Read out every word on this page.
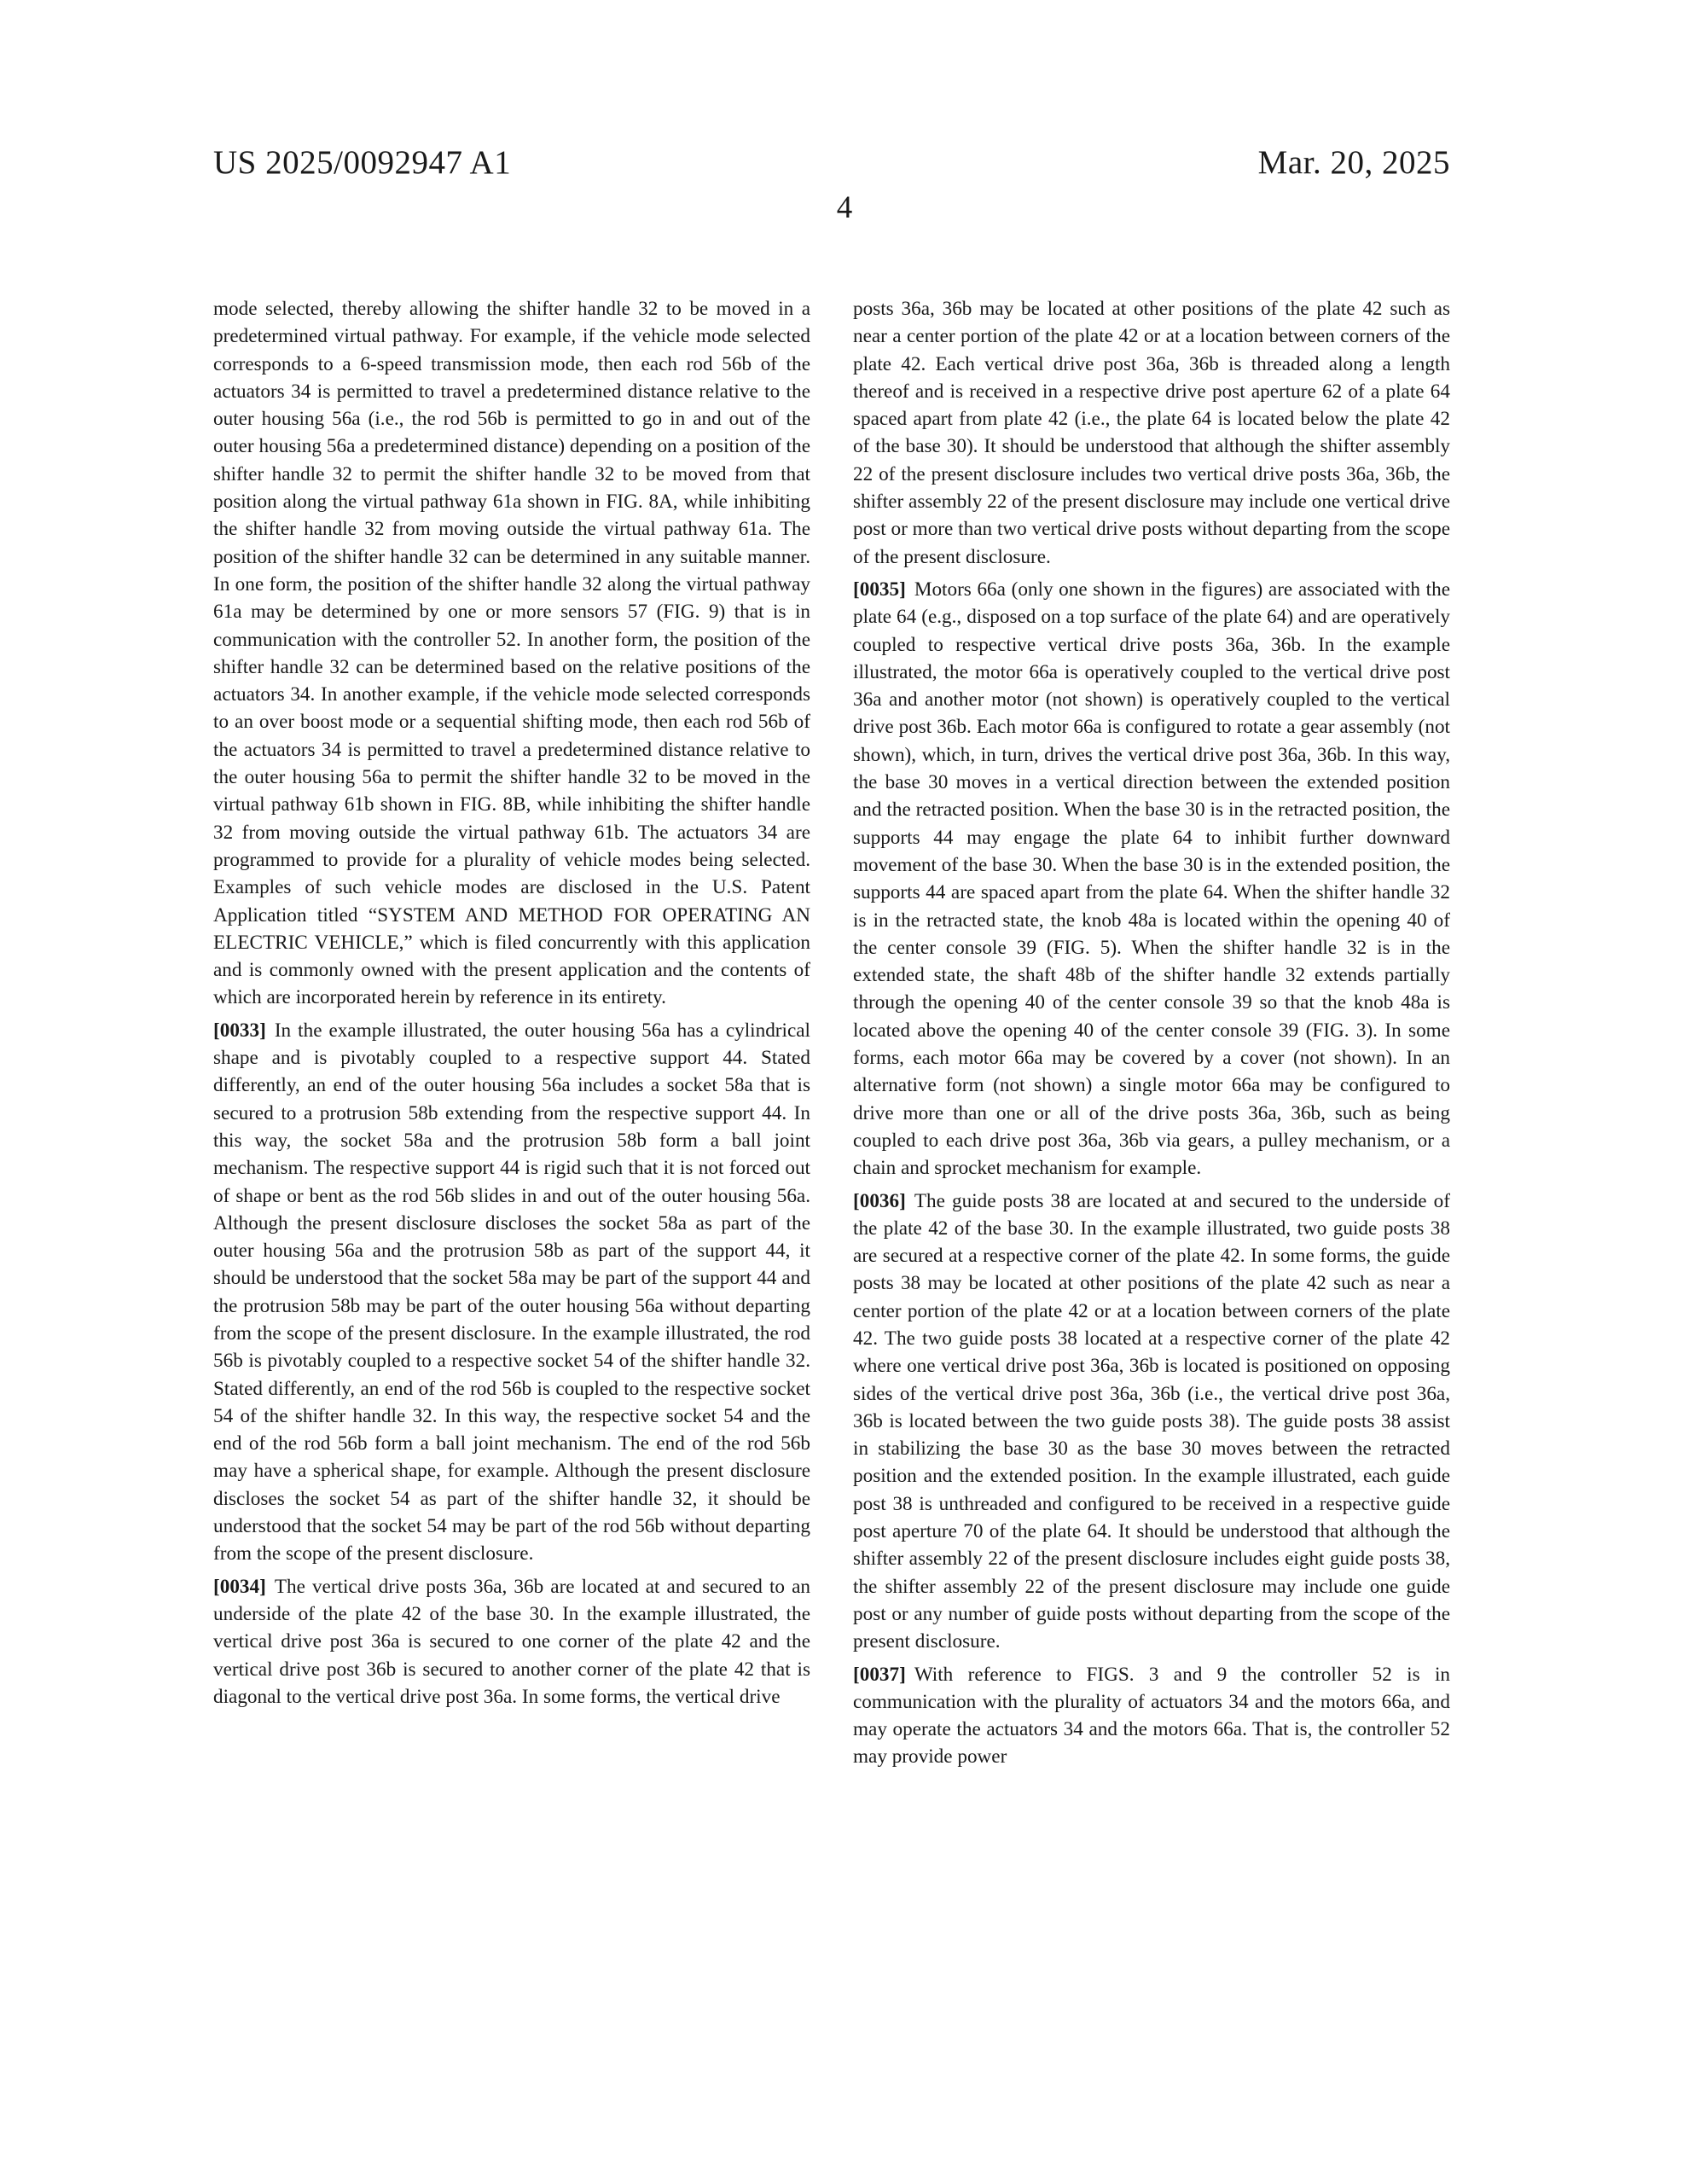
US 2025/0092947 A1	Mar. 20, 2025
4

mode selected, thereby allowing the shifter handle 32 to be moved in a predetermined virtual pathway. For example, if the vehicle mode selected corresponds to a 6-speed transmission mode, then each rod 56b of the actuators 34 is permitted to travel a predetermined distance relative to the outer housing 56a (i.e., the rod 56b is permitted to go in and out of the outer housing 56a a predetermined distance) depending on a position of the shifter handle 32 to permit the shifter handle 32 to be moved from that position along the virtual pathway 61a shown in FIG. 8A, while inhibiting the shifter handle 32 from moving outside the virtual pathway 61a. The position of the shifter handle 32 can be determined in any suitable manner. In one form, the position of the shifter handle 32 along the virtual pathway 61a may be determined by one or more sensors 57 (FIG. 9) that is in communication with the controller 52. In another form, the position of the shifter handle 32 can be determined based on the relative positions of the actuators 34. In another example, if the vehicle mode selected corresponds to an over boost mode or a sequential shifting mode, then each rod 56b of the actuators 34 is permitted to travel a predetermined distance relative to the outer housing 56a to permit the shifter handle 32 to be moved in the virtual pathway 61b shown in FIG. 8B, while inhibiting the shifter handle 32 from moving outside the virtual pathway 61b. The actuators 34 are programmed to provide for a plurality of vehicle modes being selected. Examples of such vehicle modes are disclosed in the U.S. Patent Application titled “SYSTEM AND METHOD FOR OPERATING AN ELECTRIC VEHICLE,” which is filed concurrently with this application and is commonly owned with the present application and the contents of which are incorporated herein by reference in its entirety.

[0033] In the example illustrated, the outer housing 56a has a cylindrical shape and is pivotably coupled to a respective support 44. Stated differently, an end of the outer housing 56a includes a socket 58a that is secured to a protrusion 58b extending from the respective support 44. In this way, the socket 58a and the protrusion 58b form a ball joint mechanism. The respective support 44 is rigid such that it is not forced out of shape or bent as the rod 56b slides in and out of the outer housing 56a. Although the present disclosure discloses the socket 58a as part of the outer housing 56a and the protrusion 58b as part of the support 44, it should be understood that the socket 58a may be part of the support 44 and the protrusion 58b may be part of the outer housing 56a without departing from the scope of the present disclosure. In the example illustrated, the rod 56b is pivotably coupled to a respective socket 54 of the shifter handle 32. Stated differently, an end of the rod 56b is coupled to the respective socket 54 of the shifter handle 32. In this way, the respective socket 54 and the end of the rod 56b form a ball joint mechanism. The end of the rod 56b may have a spherical shape, for example. Although the present disclosure discloses the socket 54 as part of the shifter handle 32, it should be understood that the socket 54 may be part of the rod 56b without departing from the scope of the present disclosure.

[0034] The vertical drive posts 36a, 36b are located at and secured to an underside of the plate 42 of the base 30. In the example illustrated, the vertical drive post 36a is secured to one corner of the plate 42 and the vertical drive post 36b is secured to another corner of the plate 42 that is diagonal to the vertical drive post 36a. In some forms, the vertical drive

posts 36a, 36b may be located at other positions of the plate 42 such as near a center portion of the plate 42 or at a location between corners of the plate 42. Each vertical drive post 36a, 36b is threaded along a length thereof and is received in a respective drive post aperture 62 of a plate 64 spaced apart from plate 42 (i.e., the plate 64 is located below the plate 42 of the base 30). It should be understood that although the shifter assembly 22 of the present disclosure includes two vertical drive posts 36a, 36b, the shifter assembly 22 of the present disclosure may include one vertical drive post or more than two vertical drive posts without departing from the scope of the present disclosure.

[0035] Motors 66a (only one shown in the figures) are associated with the plate 64 (e.g., disposed on a top surface of the plate 64) and are operatively coupled to respective vertical drive posts 36a, 36b. In the example illustrated, the motor 66a is operatively coupled to the vertical drive post 36a and another motor (not shown) is operatively coupled to the vertical drive post 36b. Each motor 66a is configured to rotate a gear assembly (not shown), which, in turn, drives the vertical drive post 36a, 36b. In this way, the base 30 moves in a vertical direction between the extended position and the retracted position. When the base 30 is in the retracted position, the supports 44 may engage the plate 64 to inhibit further downward movement of the base 30. When the base 30 is in the extended position, the supports 44 are spaced apart from the plate 64. When the shifter handle 32 is in the retracted state, the knob 48a is located within the opening 40 of the center console 39 (FIG. 5). When the shifter handle 32 is in the extended state, the shaft 48b of the shifter handle 32 extends partially through the opening 40 of the center console 39 so that the knob 48a is located above the opening 40 of the center console 39 (FIG. 3). In some forms, each motor 66a may be covered by a cover (not shown). In an alternative form (not shown) a single motor 66a may be configured to drive more than one or all of the drive posts 36a, 36b, such as being coupled to each drive post 36a, 36b via gears, a pulley mechanism, or a chain and sprocket mechanism for example.

[0036] The guide posts 38 are located at and secured to the underside of the plate 42 of the base 30. In the example illustrated, two guide posts 38 are secured at a respective corner of the plate 42. In some forms, the guide posts 38 may be located at other positions of the plate 42 such as near a center portion of the plate 42 or at a location between corners of the plate 42. The two guide posts 38 located at a respective corner of the plate 42 where one vertical drive post 36a, 36b is located is positioned on opposing sides of the vertical drive post 36a, 36b (i.e., the vertical drive post 36a, 36b is located between the two guide posts 38). The guide posts 38 assist in stabilizing the base 30 as the base 30 moves between the retracted position and the extended position. In the example illustrated, each guide post 38 is unthreaded and configured to be received in a respective guide post aperture 70 of the plate 64. It should be understood that although the shifter assembly 22 of the present disclosure includes eight guide posts 38, the shifter assembly 22 of the present disclosure may include one guide post or any number of guide posts without departing from the scope of the present disclosure.

[0037] With reference to FIGS. 3 and 9 the controller 52 is in communication with the plurality of actuators 34 and the motors 66a, and may operate the actuators 34 and the motors 66a. That is, the controller 52 may provide power
